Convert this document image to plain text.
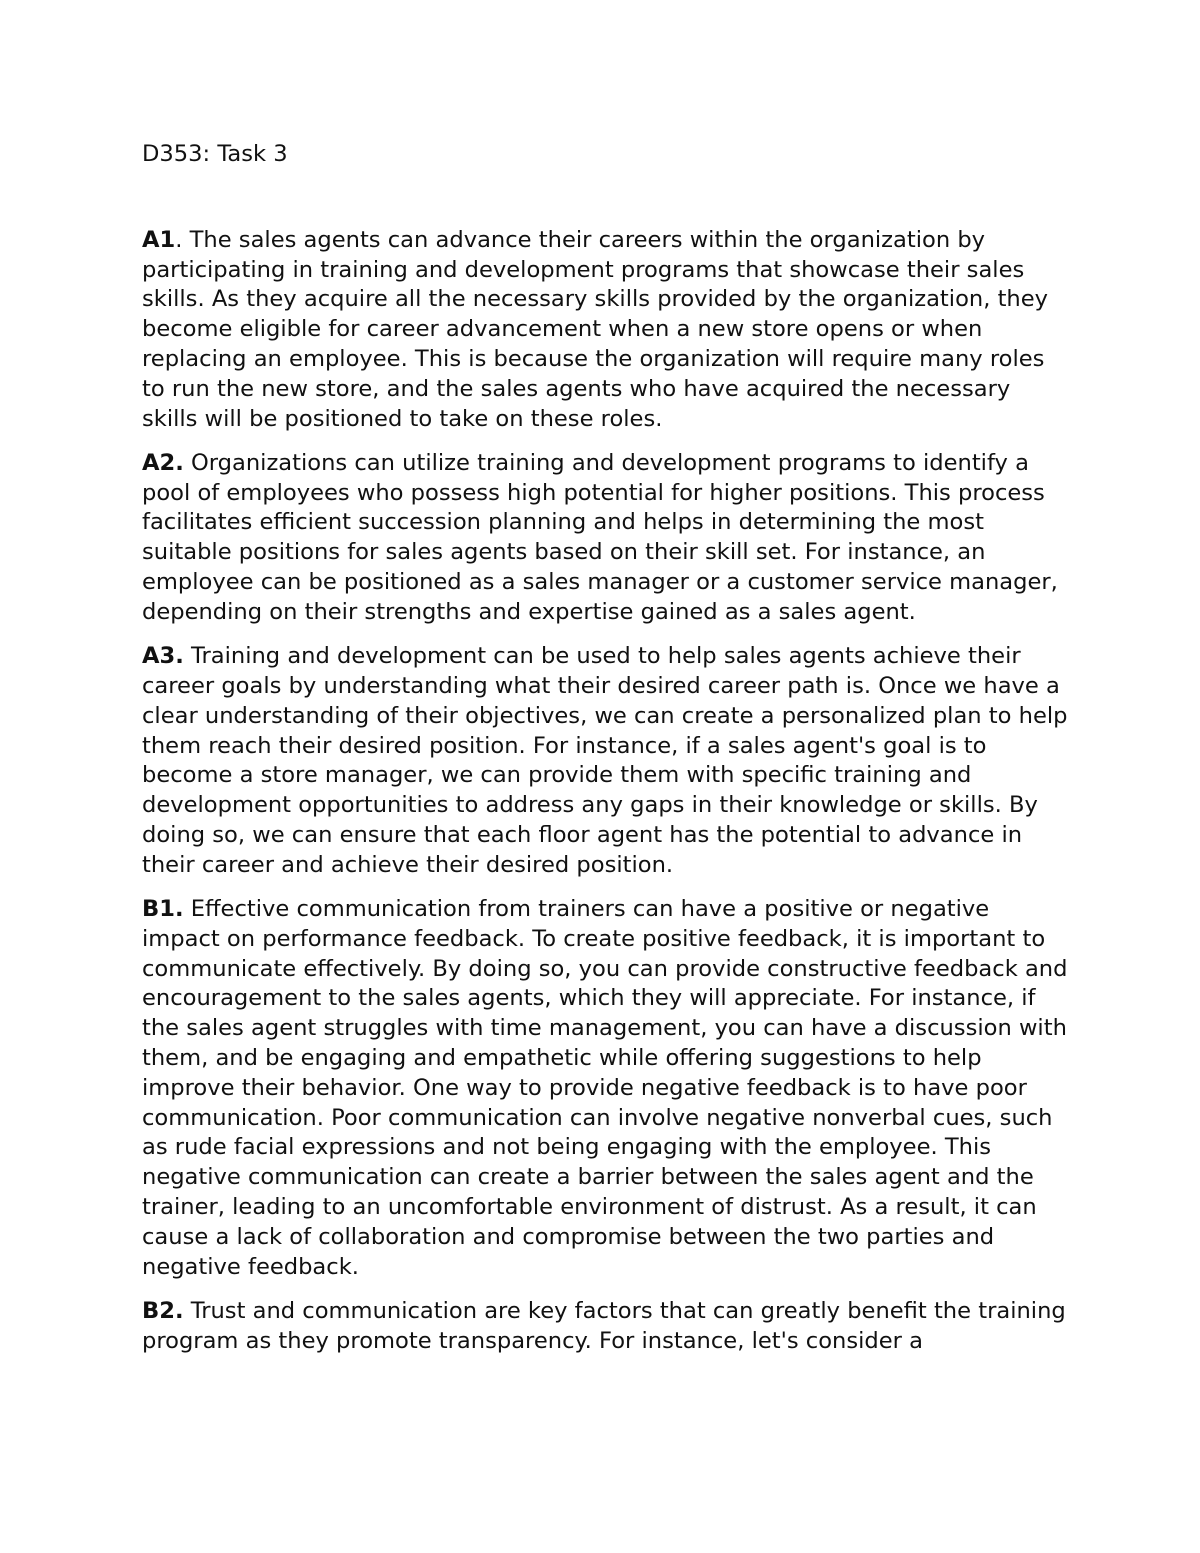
D353: Task 3

A1. The sales agents can advance their careers within the organization by participating in training and development programs that showcase their sales skills. As they acquire all the necessary skills provided by the organization, they become eligible for career advancement when a new store opens or when replacing an employee. This is because the organization will require many roles to run the new store, and the sales agents who have acquired the necessary skills will be positioned to take on these roles.

A2. Organizations can utilize training and development programs to identify a pool of employees who possess high potential for higher positions. This process facilitates efficient succession planning and helps in determining the most suitable positions for sales agents based on their skill set. For instance, an employee can be positioned as a sales manager or a customer service manager, depending on their strengths and expertise gained as a sales agent.

A3. Training and development can be used to help sales agents achieve their career goals by understanding what their desired career path is. Once we have a clear understanding of their objectives, we can create a personalized plan to help them reach their desired position. For instance, if a sales agent's goal is to become a store manager, we can provide them with specific training and development opportunities to address any gaps in their knowledge or skills. By doing so, we can ensure that each floor agent has the potential to advance in their career and achieve their desired position.

B1. Effective communication from trainers can have a positive or negative impact on performance feedback. To create positive feedback, it is important to communicate effectively. By doing so, you can provide constructive feedback and encouragement to the sales agents, which they will appreciate. For instance, if the sales agent struggles with time management, you can have a discussion with them, and be engaging and empathetic while offering suggestions to help improve their behavior. One way to provide negative feedback is to have poor communication. Poor communication can involve negative nonverbal cues, such as rude facial expressions and not being engaging with the employee. This negative communication can create a barrier between the sales agent and the trainer, leading to an uncomfortable environment of distrust. As a result, it can cause a lack of collaboration and compromise between the two parties and negative feedback.

B2. Trust and communication are key factors that can greatly benefit the training program as they promote transparency. For instance, let's consider a
